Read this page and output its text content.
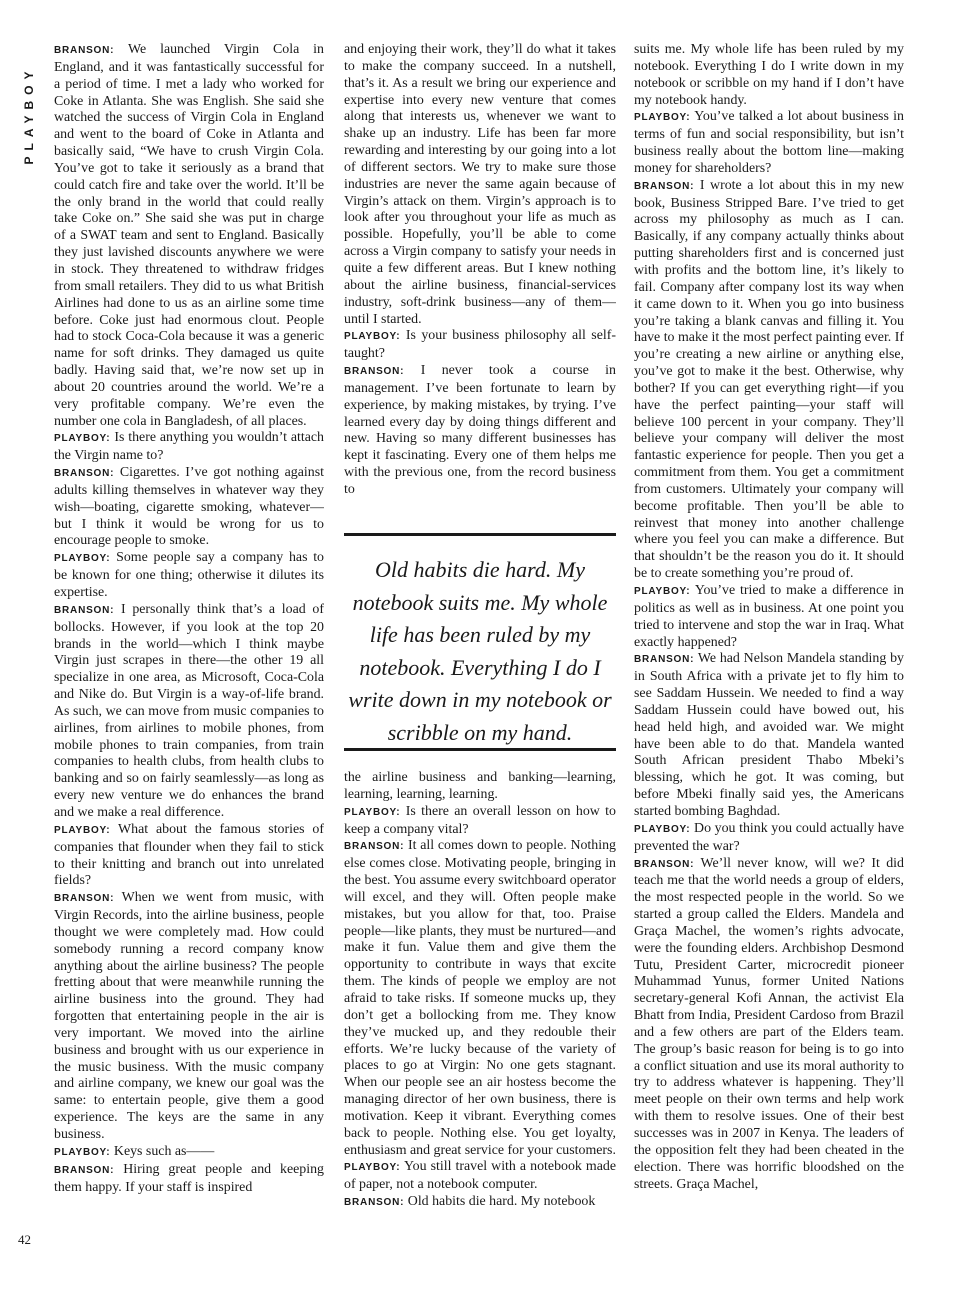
PLAYBOY

BRANSON: We launched Virgin Cola in England, and it was fantastically successful for a period of time. I met a lady who worked for Coke in Atlanta. She was English. She said she watched the success of Virgin Cola in England and went to the board of Coke in Atlanta and basically said, “We have to crush Virgin Cola. You’ve got to take it seriously as a brand that could catch fire and take over the world. It’ll be the only brand in the world that could really take Coke on.” She said she was put in charge of a SWAT team and sent to England. Basically they just lavished discounts anywhere we were in stock. They threatened to withdraw fridges from small retailers. They did to us what British Airlines had done to us as an airline some time before. Coke just had enormous clout. People had to stock Coca-Cola because it was a generic name for soft drinks. They damaged us quite badly. Having said that, we’re now set up in about 20 countries around the world. We’re a very profitable company. We’re even the number one cola in Bangladesh, of all places.

PLAYBOY: Is there anything you wouldn’t attach the Virgin name to?

BRANSON: Cigarettes. I’ve got nothing against adults killing themselves in whatever way they wish—boating, cigarette smoking, whatever—but I think it would be wrong for us to encourage people to smoke.

PLAYBOY: Some people say a company has to be known for one thing; otherwise it dilutes its expertise.

BRANSON: I personally think that’s a load of bollocks. However, if you look at the top 20 brands in the world—which I think maybe Virgin just scrapes in there—the other 19 all specialize in one area, as Microsoft, Coca-Cola and Nike do. But Virgin is a way-of-life brand. As such, we can move from music companies to airlines, from airlines to mobile phones, from mobile phones to train companies, from train companies to health clubs, from health clubs to banking and so on fairly seamlessly—as long as every new venture we do enhances the brand and we make a real difference.

PLAYBOY: What about the famous stories of companies that flounder when they fail to stick to their knitting and branch out into unrelated fields?

BRANSON: When we went from music, with Virgin Records, into the airline business, people thought we were completely mad. How could somebody running a record company know anything about the airline business? The people fretting about that were meanwhile running the airline business into the ground. They had forgotten that entertaining people in the air is very important. We moved into the airline business and brought with us our experience in the music business. With the music company and airline company, we knew our goal was the same: to entertain people, give them a good experience. The keys are the same in any business.

PLAYBOY: Keys such as——

BRANSON: Hiring great people and keeping them happy. If your staff is inspired

and enjoying their work, they’ll do what it takes to make the company succeed. In a nutshell, that’s it. As a result we bring our experience and expertise into every new venture that comes along that interests us, whenever we want to shake up an industry. Life has been far more rewarding and interesting by our going into a lot of different sectors. We try to make sure those industries are never the same again because of Virgin’s attack on them. Virgin’s approach is to look after you throughout your life as much as possible. Hopefully, you’ll be able to come across a Virgin company to satisfy your needs in quite a few different areas. But I knew nothing about the airline business, financial-services industry, soft-drink business—any of them—until I started.

PLAYBOY: Is your business philosophy all self-taught?

BRANSON: I never took a course in management. I’ve been fortunate to learn by experience, by making mistakes, by trying. I’ve learned every day by doing things different and new. Having so many different businesses has kept it fascinating. Every one of them helps me with the previous one, from the record business to

Old habits die hard. My notebook suits me. My whole life has been ruled by my notebook. Everything I do I write down in my notebook or scribble on my hand.

the airline business and banking—learning, learning, learning, learning.

PLAYBOY: Is there an overall lesson on how to keep a company vital?

BRANSON: It all comes down to people. Nothing else comes close. Motivating people, bringing in the best. You assume every switchboard operator will excel, and they will. Often people make mistakes, but you allow for that, too. Praise people—like plants, they must be nurtured—and make it fun. Value them and give them the opportunity to contribute in ways that excite them. The kinds of people we employ are not afraid to take risks. If someone mucks up, they don’t get a bollocking from me. They know they’ve mucked up, and they redouble their efforts. We’re lucky because of the variety of places to go at Virgin: No one gets stagnant. When our people see an air hostess become the managing director of her own business, there is motivation. Keep it vibrant. Everything comes back to people. Nothing else. You get loyalty, enthusiasm and great service for your customers.

PLAYBOY: You still travel with a notebook made of paper, not a notebook computer.

BRANSON: Old habits die hard. My notebook

suits me. My whole life has been ruled by my notebook. Everything I do I write down in my notebook or scribble on my hand if I don’t have my notebook handy.

PLAYBOY: You’ve talked a lot about business in terms of fun and social responsibility, but isn’t business really about the bottom line—making money for shareholders?

BRANSON: I wrote a lot about this in my new book, Business Stripped Bare. I’ve tried to get across my philosophy as much as I can. Basically, if any company actually thinks about putting shareholders first and is concerned just with profits and the bottom line, it’s likely to fail. Company after company lost its way when it came down to it. When you go into business you’re taking a blank canvas and filling it. You have to make it the most perfect painting ever. If you’re creating a new airline or anything else, you’ve got to make it the best. Otherwise, why bother? If you can get everything right—if you have the perfect painting—your staff will believe 100 percent in your company. They’ll believe your company will deliver the most fantastic experience for people. Then you get a commitment from them. You get a commitment from customers. Ultimately your company will become profitable. Then you’ll be able to reinvest that money into another challenge where you feel you can make a difference. But that shouldn’t be the reason you do it. It should be to create something you’re proud of.

PLAYBOY: You’ve tried to make a difference in politics as well as in business. At one point you tried to intervene and stop the war in Iraq. What exactly happened?

BRANSON: We had Nelson Mandela standing by in South Africa with a private jet to fly him to see Saddam Hussein. We needed to find a way Saddam Hussein could have bowed out, his head held high, and avoided war. We might have been able to do that. Mandela wanted South African president Thabo Mbeki’s blessing, which he got. It was coming, but before Mbeki finally said yes, the Americans started bombing Baghdad.

PLAYBOY: Do you think you could actually have prevented the war?

BRANSON: We’ll never know, will we? It did teach me that the world needs a group of elders, the most respected people in the world. So we started a group called the Elders. Mandela and Graça Machel, the women’s rights advocate, were the founding elders. Archbishop Desmond Tutu, President Carter, microcredit pioneer Muhammad Yunus, former United Nations secretary-general Kofi Annan, the activist Ela Bhatt from India, President Cardoso from Brazil and a few others are part of the Elders team. The group’s basic reason for being is to go into a conflict situation and use its moral authority to try to address whatever is happening. They’ll meet people on their own terms and help work with them to resolve issues. One of their best successes was in 2007 in Kenya. The leaders of the opposition felt they had been cheated in the election. There was horrific bloodshed on the streets. Graça Machel,

42
